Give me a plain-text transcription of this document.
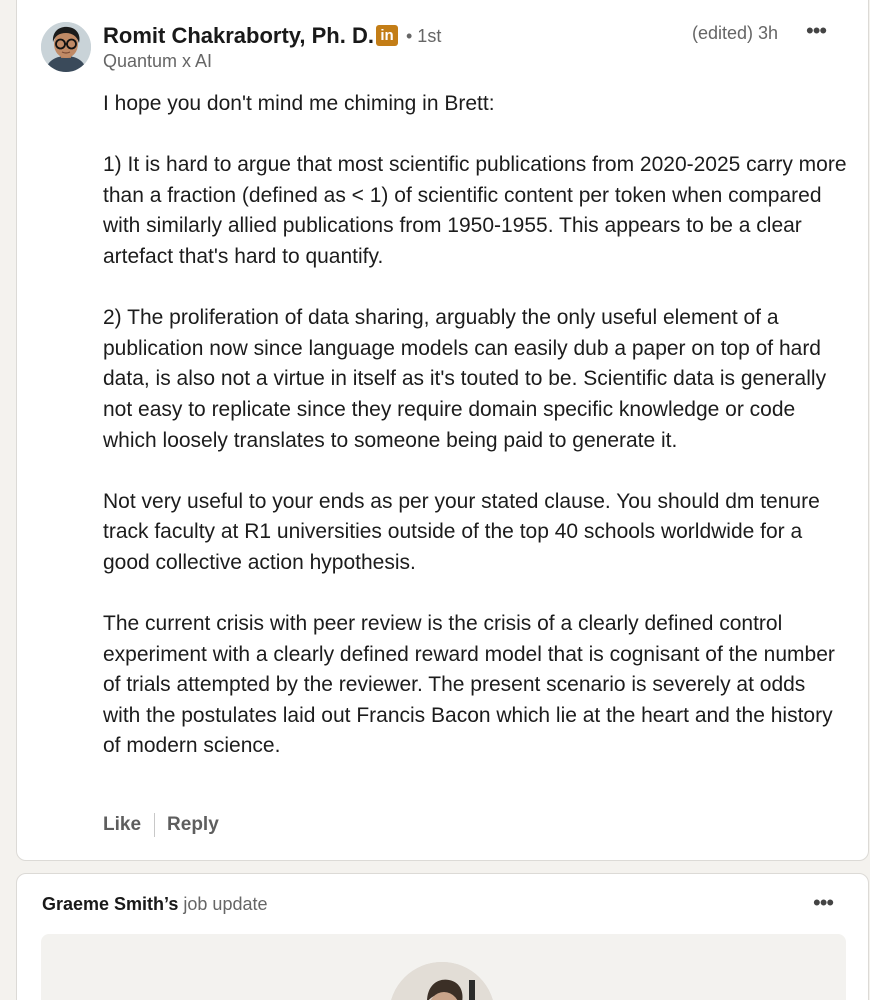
Romit Chakraborty, Ph. D. in • 1st
Quantum x AI
(edited) 3h •••

I hope you don't mind me chiming in Brett:

1) It is hard to argue that most scientific publications from 2020-2025 carry more than a fraction (defined as < 1) of scientific content per token when compared with similarly allied publications from 1950-1955. This appears to be a clear artefact that's hard to quantify.

2) The proliferation of data sharing, arguably the only useful element of a publication now since language models can easily dub a paper on top of hard data, is also not a virtue in itself as it's touted to be. Scientific data is generally not easy to replicate since they require domain specific knowledge or code which loosely translates to someone being paid to generate it.

Not very useful to your ends as per your stated clause. You should dm tenure track faculty at R1 universities outside of the top 40 schools worldwide for a good collective action hypothesis.

The current crisis with peer review is the crisis of a clearly defined control experiment with a clearly defined reward model that is cognisant of the number of trials attempted by the reviewer. The present scenario is severely at odds with the postulates laid out Francis Bacon which lie at the heart and the history of modern science.

Like Reply
Graeme Smith’s job update	•••
